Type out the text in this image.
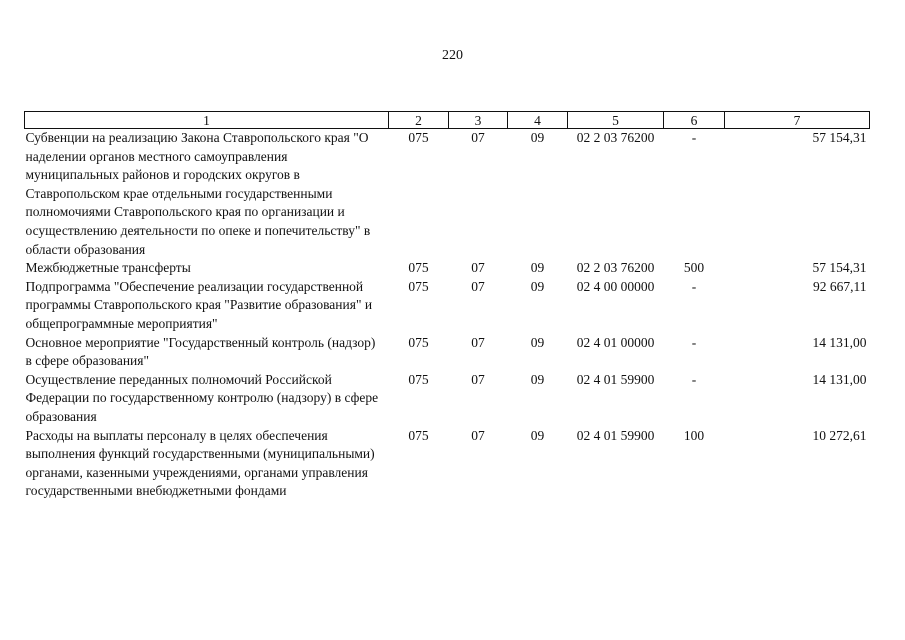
220
1	2	3	4	5	6	7
Субвенции на реализацию Закона Ставропольского края "О наделении органов местного самоуправления муниципальных районов и городских округов в Ставропольском крае отдельными государственными полномочиями Ставропольского края по организации и осуществлению деятельности по опеке и попечительству" в области образования	075	07	09	02 2 03 76200	-	57 154,31
Межбюджетные трансферты	075	07	09	02 2 03 76200	500	57 154,31
Подпрограмма "Обеспечение реализации государственной программы Ставропольского края "Развитие образования" и общепрограммные мероприятия"	075	07	09	02 4 00 00000	-	92 667,11
Основное мероприятие "Государственный контроль (надзор) в сфере образования"	075	07	09	02 4 01 00000	-	14 131,00
Осуществление переданных полномочий Российской Федерации по государственному контролю (надзору) в сфере образования	075	07	09	02 4 01 59900	-	14 131,00
Расходы на выплаты персоналу в целях обеспечения выполнения функций государственными (муниципальными) органами, казенными учреждениями, органами управления государственными внебюджетными фондами	075	07	09	02 4 01 59900	100	10 272,61
